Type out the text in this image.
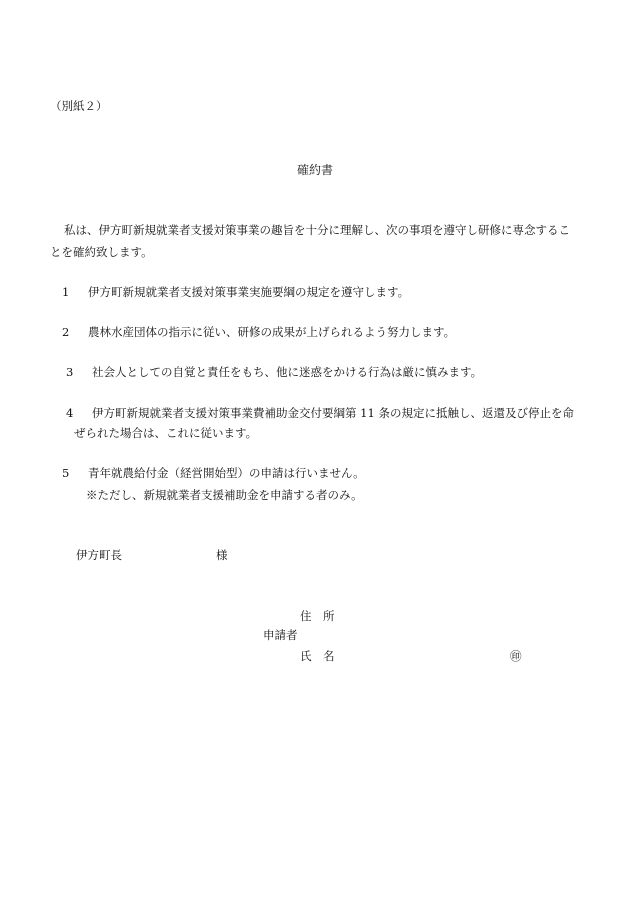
（別紙２）
確約書
私は、伊方町新規就業者支援対策事業の趣旨を十分に理解し、次の事項を遵守し研修に専念するこ
とを確約致します。
1 伊方町新規就業者支援対策事業実施要綱の規定を遵守します。
2 農林水産団体の指示に従い、研修の成果が上げられるよう努力します。
3 社会人としての自覚と責任をもち、他に迷惑をかける行為は厳に慎みます。
4 伊方町新規就業者支援対策事業費補助金交付要綱第 11 条の規定に抵触し、返還及び停止を命
ぜられた場合は、これに従います。
5 青年就農給付金（経営開始型）の申請は行いません。
※ただし、新規就業者支援補助金を申請する者のみ。
伊方町長	様
住　所
申請者
氏　名	㊞
